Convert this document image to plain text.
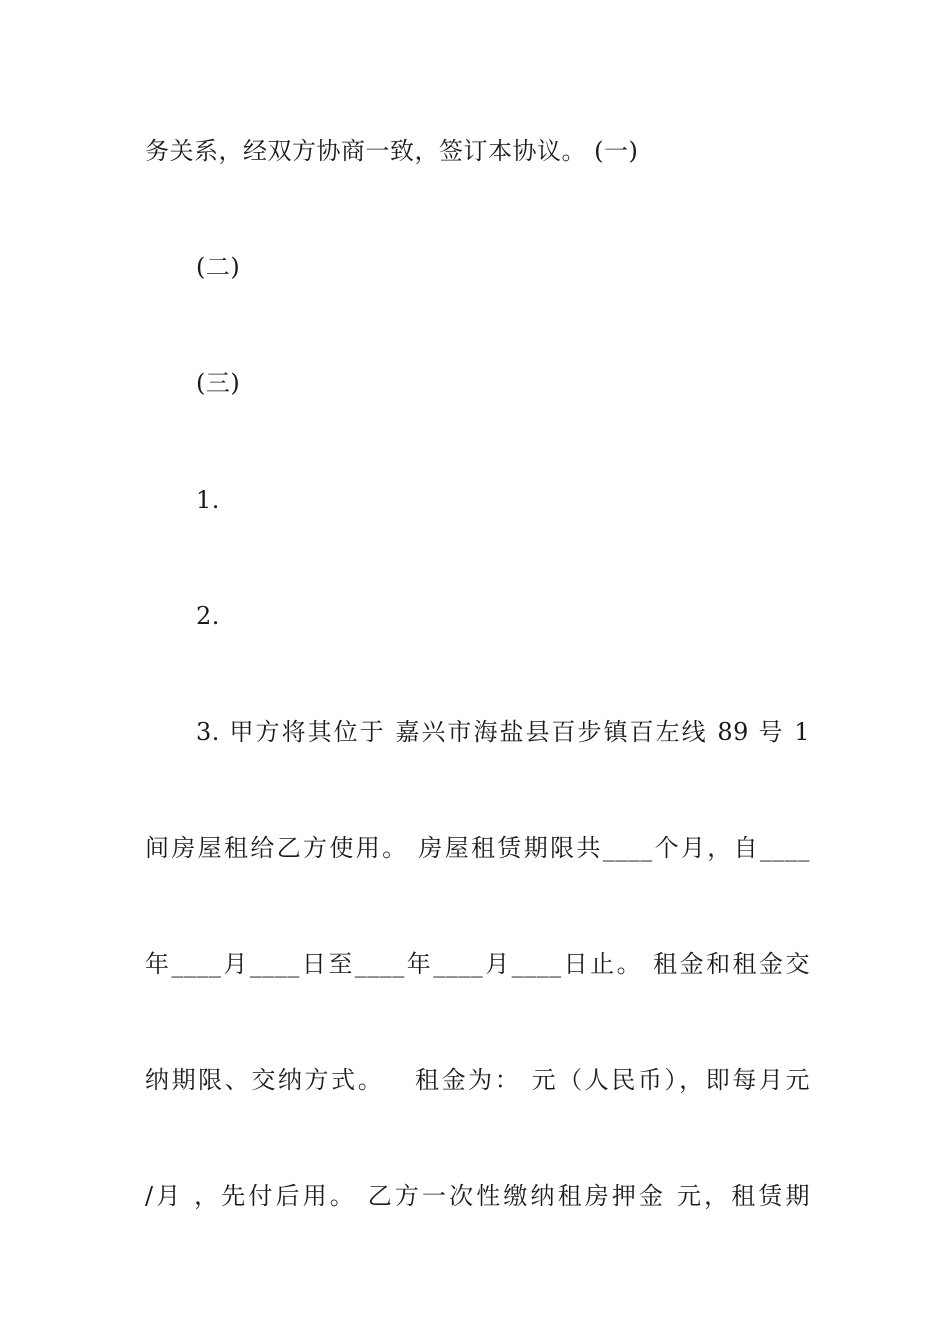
务关系，经双方协商一致，签订本协议。 (一)
(二)
(三)
1.
2.
3. 甲方将其位于 嘉兴市海盐县百步镇百左线 89 号 1
间房屋租给乙方使用。 房屋租赁期限共____个月，自____
年____月____日至____年____月____日止。 租金和租金交
纳期限、交纳方式。   租金为： 元（人民币），即每月元
/月 ，先付后用。 乙方一次性缴纳租房押金 元，租赁期
